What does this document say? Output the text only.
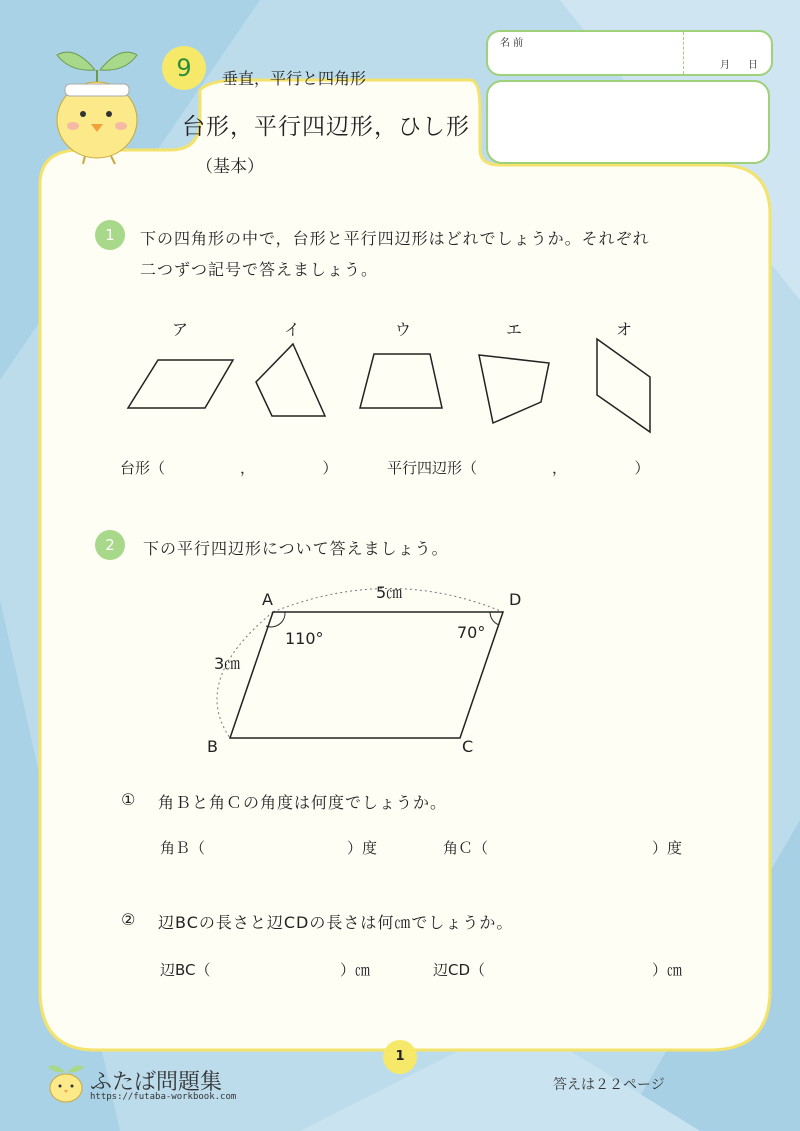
9	垂直，平行と四角形
台形，平行四辺形，ひし形
（基本）
名 前
月 日
1	下の四角形の中で，台形と平行四辺形はどれでしょうか。それぞれ
二つずつ記号で答えましょう。
ア	イ	ウ	エ	オ
台形（　　　　　，　　　　　）	平行四辺形（　　　　　，　　　　　）
2	下の平行四辺形について答えましょう。
A	D
B	C
5㎝
3㎝
110°	70°
① 角Ｂと角Ｃの角度は何度でしょうか。
角Ｂ（	）度	角Ｃ（	）度
② 辺BCの長さと辺CDの長さは何㎝でしょうか。
辺BC（	）㎝	辺CD（	）㎝
1
ふたば問題集
https://futaba-workbook.com
答えは２２ページ
